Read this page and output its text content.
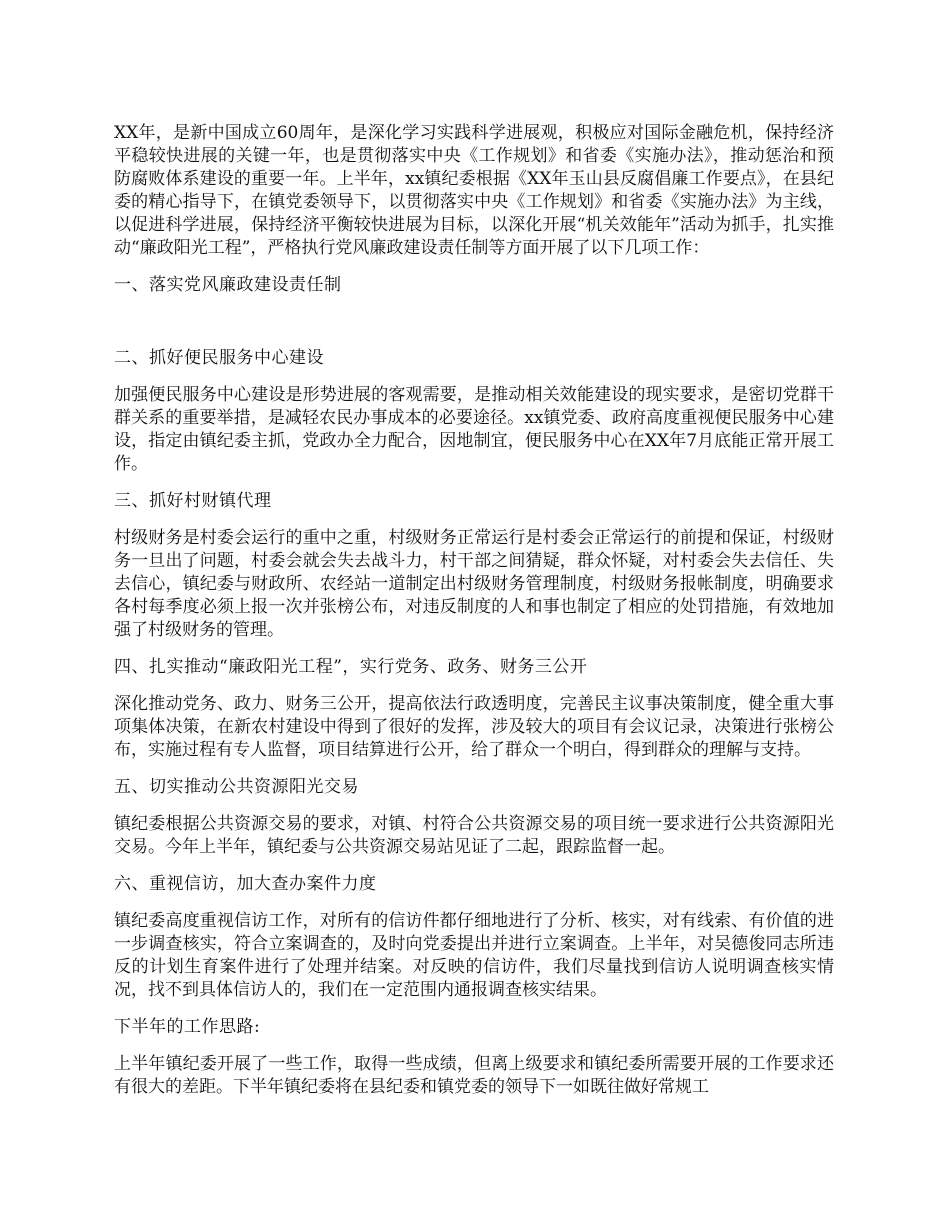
XX年，是新中国成立60周年，是深化学习实践科学进展观，积极应对国际金融危机，保持经济平稳较快进展的关键一年，也是贯彻落实中央《工作规划》和省委《实施办法》，推动惩治和预防腐败体系建设的重要一年。上半年，xx镇纪委根据《XX年玉山县反腐倡廉工作要点》，在县纪委的精心指导下，在镇党委领导下，以贯彻落实中央《工作规划》和省委《实施办法》为主线，以促进科学进展，保持经济平衡较快进展为目标，以深化开展“机关效能年”活动为抓手，扎实推动“廉政阳光工程”，严格执行党风廉政建设责任制等方面开展了以下几项工作：

一、落实党风廉政建设责任制

二、抓好便民服务中心建设

加强便民服务中心建设是形势进展的客观需要，是推动相关效能建设的现实要求，是密切党群干群关系的重要举措，是减轻农民办事成本的必要途径。xx镇党委、政府高度重视便民服务中心建设，指定由镇纪委主抓，党政办全力配合，因地制宜，便民服务中心在XX年7月底能正常开展工作。

三、抓好村财镇代理

村级财务是村委会运行的重中之重，村级财务正常运行是村委会正常运行的前提和保证，村级财务一旦出了问题，村委会就会失去战斗力，村干部之间猜疑，群众怀疑，对村委会失去信任、失去信心，镇纪委与财政所、农经站一道制定出村级财务管理制度，村级财务报帐制度，明确要求各村每季度必须上报一次并张榜公布，对违反制度的人和事也制定了相应的处罚措施，有效地加强了村级财务的管理。

四、扎实推动“廉政阳光工程”，实行党务、政务、财务三公开

深化推动党务、政力、财务三公开，提高依法行政透明度，完善民主议事决策制度，健全重大事项集体决策，在新农村建设中得到了很好的发挥，涉及较大的项目有会议记录，决策进行张榜公布，实施过程有专人监督，项目结算进行公开，给了群众一个明白，得到群众的理解与支持。

五、切实推动公共资源阳光交易

镇纪委根据公共资源交易的要求，对镇、村符合公共资源交易的项目统一要求进行公共资源阳光交易。今年上半年，镇纪委与公共资源交易站见证了二起，跟踪监督一起。

六、重视信访，加大查办案件力度

镇纪委高度重视信访工作，对所有的信访件都仔细地进行了分析、核实，对有线索、有价值的进一步调查核实，符合立案调查的，及时向党委提出并进行立案调查。上半年，对吴德俊同志所违反的计划生育案件进行了处理并结案。对反映的信访件，我们尽量找到信访人说明调查核实情况，找不到具体信访人的，我们在一定范围内通报调查核实结果。

下半年的工作思路:

上半年镇纪委开展了一些工作，取得一些成绩，但离上级要求和镇纪委所需要开展的工作要求还有很大的差距。下半年镇纪委将在县纪委和镇党委的领导下一如既往做好常规工
